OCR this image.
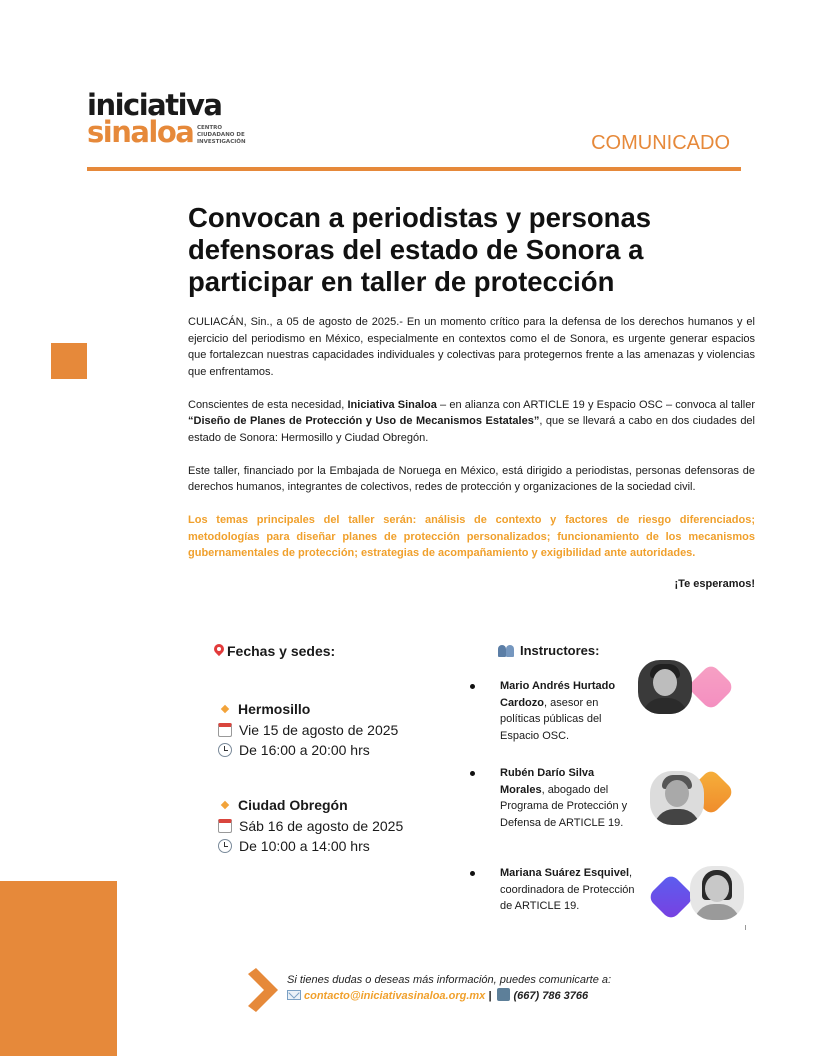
iniciativa
sinaloa CENTRO
CIUDADANO DE
INVESTIGACIÓN	COMUNICADO
Convocan a periodistas y personas defensoras del estado de Sonora a participar en taller de protección

CULIACÁN, Sin., a 05 de agosto de 2025.- En un momento crítico para la defensa de los derechos humanos y el ejercicio del periodismo en México, especialmente en contextos como el de Sonora, es urgente generar espacios que fortalezcan nuestras capacidades individuales y colectivas para protegernos frente a las amenazas y violencias que enfrentamos.

Conscientes de esta necesidad, Iniciativa Sinaloa – en alianza con ARTICLE 19 y Espacio OSC – convoca al taller “Diseño de Planes de Protección y Uso de Mecanismos Estatales”, que se llevará a cabo en dos ciudades del estado de Sonora: Hermosillo y Ciudad Obregón.

Este taller, financiado por la Embajada de Noruega en México, está dirigido a periodistas, personas defensoras de derechos humanos, integrantes de colectivos, redes de protección y organizaciones de la sociedad civil.

Los temas principales del taller serán: análisis de contexto y factores de riesgo diferenciados; metodologías para diseñar planes de protección personalizados; funcionamiento de los mecanismos gubernamentales de protección; estrategias de acompañamiento y exigibilidad ante autoridades.

¡Te esperamos!

Fechas y sedes:
Hermosillo
Vie 15 de agosto de 2025
De 16:00 a 20:00 hrs
Ciudad Obregón
Sáb 16 de agosto de 2025
De 10:00 a 14:00 hrs
Instructores:
Mario Andrés Hurtado Cardozo, asesor en políticas públicas del Espacio OSC.
Rubén Darío Silva Morales, abogado del Programa de Protección y Defensa de ARTICLE 19.
Mariana Suárez Esquivel, coordinadora de Protección de ARTICLE 19.
Si tienes dudas o deseas más información, puedes comunicarte a:
contacto@iniciativasinaloa.org.mx | (667) 786 3766
